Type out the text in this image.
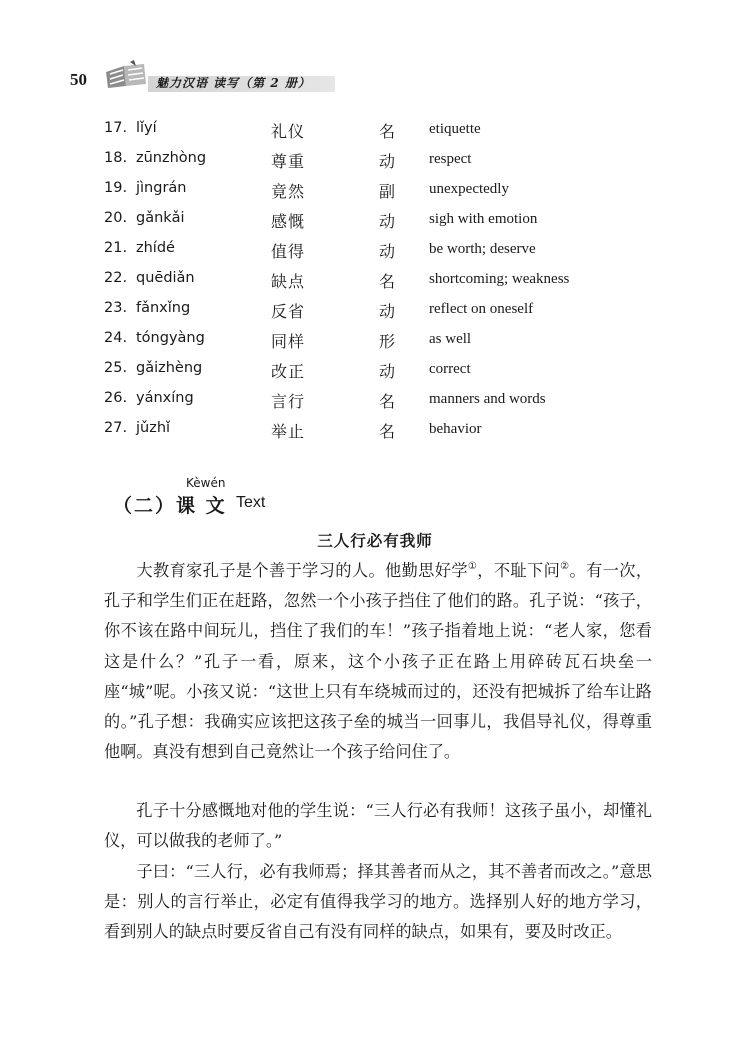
50	魅力汉语 读写（第 2 册）
17. lǐyí	礼仪	名 etiquette
18. zūnzhòng	尊重	动 respect
19. jìngrán	竟然	副 unexpectedly
20. gǎnkǎi	感慨	动 sigh with emotion
21. zhídé	值得	动 be worth; deserve
22. quēdiǎn	缺点	名 shortcoming; weakness
23. fǎnxǐng	反省	动 reflect on oneself
24. tóngyàng	同样	形 as well
25. gǎizhèng	改正	动 correct
26. yánxíng	言行	名 manners and words
27. jǔzhǐ	举止	名 behavior
Kèwén
（二）课 文 Text
三人行必有我师

大教育家孔子是个善于学习的人。他勤思好学①，不耻下问②。有一次，孔子和学生们正在赶路，忽然一个小孩子挡住了他们的路。孔子说：“孩子，你不该在路中间玩儿，挡住了我们的车！”孩子指着地上说：“老人家，您看这是什么？”孔子一看，原来，这个小孩子正在路上用碎砖瓦石块垒一座“城”呢。小孩又说：“这世上只有车绕城而过的，还没有把城拆了给车让路的。”孔子想：我确实应该把这孩子垒的城当一回事儿，我倡导礼仪，得尊重他啊。真没有想到自己竟然让一个孩子给问住了。

孔子十分感慨地对他的学生说：“三人行必有我师！这孩子虽小，却懂礼仪，可以做我的老师了。”

子曰：“三人行，必有我师焉；择其善者而从之，其不善者而改之。”意思是：别人的言行举止，必定有值得我学习的地方。选择别人好的地方学习，看到别人的缺点时要反省自己有没有同样的缺点，如果有，要及时改正。
